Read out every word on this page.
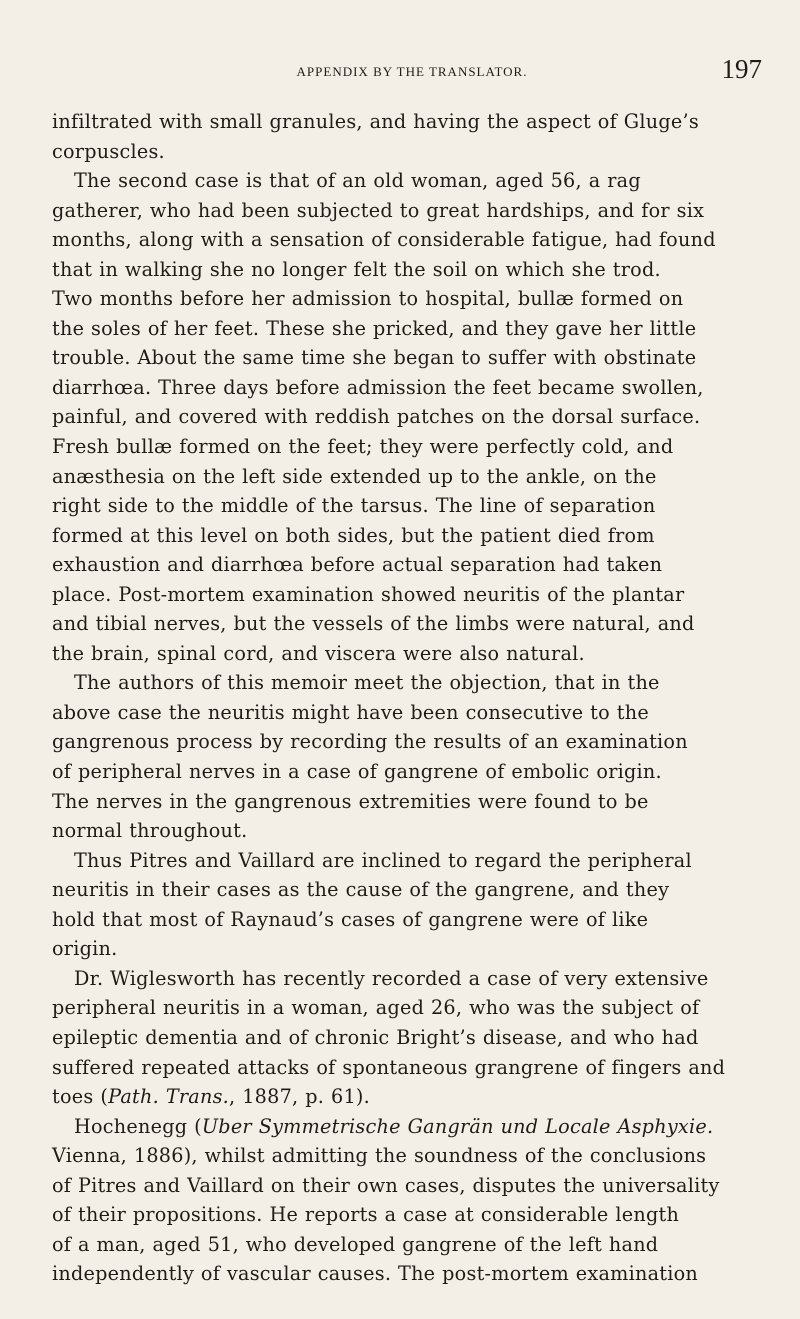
APPENDIX BY THE TRANSLATOR.	197
infiltrated with small granules, and having the aspect of Gluge’s
corpuscles.
The second case is that of an old woman, aged 56, a rag
gatherer, who had been subjected to great hardships, and for six
months, along with a sensation of considerable fatigue, had found
that in walking she no longer felt the soil on which she trod.
Two months before her admission to hospital, bullæ formed on
the soles of her feet. These she pricked, and they gave her little
trouble. About the same time she began to suffer with obstinate
diarrhœa. Three days before admission the feet became swollen,
painful, and covered with reddish patches on the dorsal surface.
Fresh bullæ formed on the feet; they were perfectly cold, and
anæsthesia on the left side extended up to the ankle, on the
right side to the middle of the tarsus. The line of separation
formed at this level on both sides, but the patient died from
exhaustion and diarrhœa before actual separation had taken
place. Post-mortem examination showed neuritis of the plantar
and tibial nerves, but the vessels of the limbs were natural, and
the brain, spinal cord, and viscera were also natural.
The authors of this memoir meet the objection, that in the
above case the neuritis might have been consecutive to the
gangrenous process by recording the results of an examination
of peripheral nerves in a case of gangrene of embolic origin.
The nerves in the gangrenous extremities were found to be
normal throughout.
Thus Pitres and Vaillard are inclined to regard the peripheral
neuritis in their cases as the cause of the gangrene, and they
hold that most of Raynaud’s cases of gangrene were of like
origin.
Dr. Wiglesworth has recently recorded a case of very extensive
peripheral neuritis in a woman, aged 26, who was the subject of
epileptic dementia and of chronic Bright’s disease, and who had
suffered repeated attacks of spontaneous grangrene of fingers and
toes (Path. Trans., 1887, p. 61).
Hochenegg (Uber Symmetrische Gangrän und Locale Asphyxie.
Vienna, 1886), whilst admitting the soundness of the conclusions
of Pitres and Vaillard on their own cases, disputes the universality
of their propositions. He reports a case at considerable length
of a man, aged 51, who developed gangrene of the left hand
independently of vascular causes. The post-mortem examination
